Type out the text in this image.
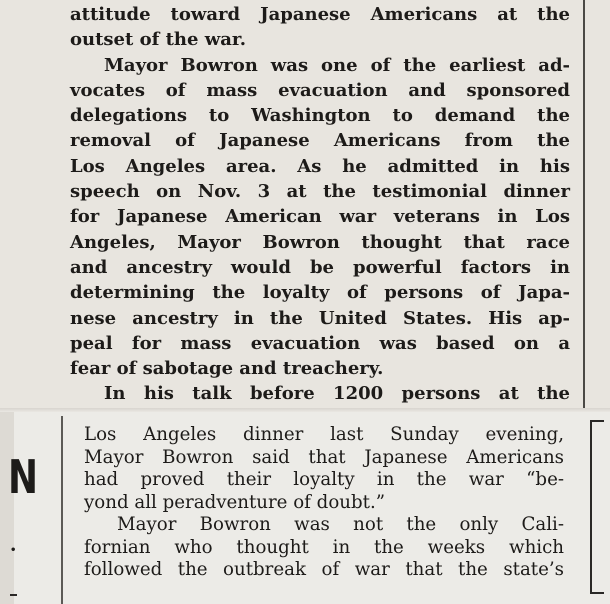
attitude toward Japanese Americans at the
outset of the war.
Mayor Bowron was one of the earliest ad-
vocates of mass evacuation and sponsored
delegations to Washington to demand the
removal of Japanese Americans from the
Los Angeles area. As he admitted in his
speech on Nov. 3 at the testimonial dinner
for Japanese American war veterans in Los
Angeles, Mayor Bowron thought that race
and ancestry would be powerful factors in
determining the loyalty of persons of Japa-
nese ancestry in the United States. His ap-
peal for mass evacuation was based on a
fear of sabotage and treachery.
In his talk before 1200 persons at the
N
•
Los Angeles dinner last Sunday evening,
Mayor Bowron said that Japanese Americans
had proved their loyalty in the war “be-
yond all peradventure of doubt.”
Mayor Bowron was not the only Cali-
fornian who thought in the weeks which
followed the outbreak of war that the state’s
